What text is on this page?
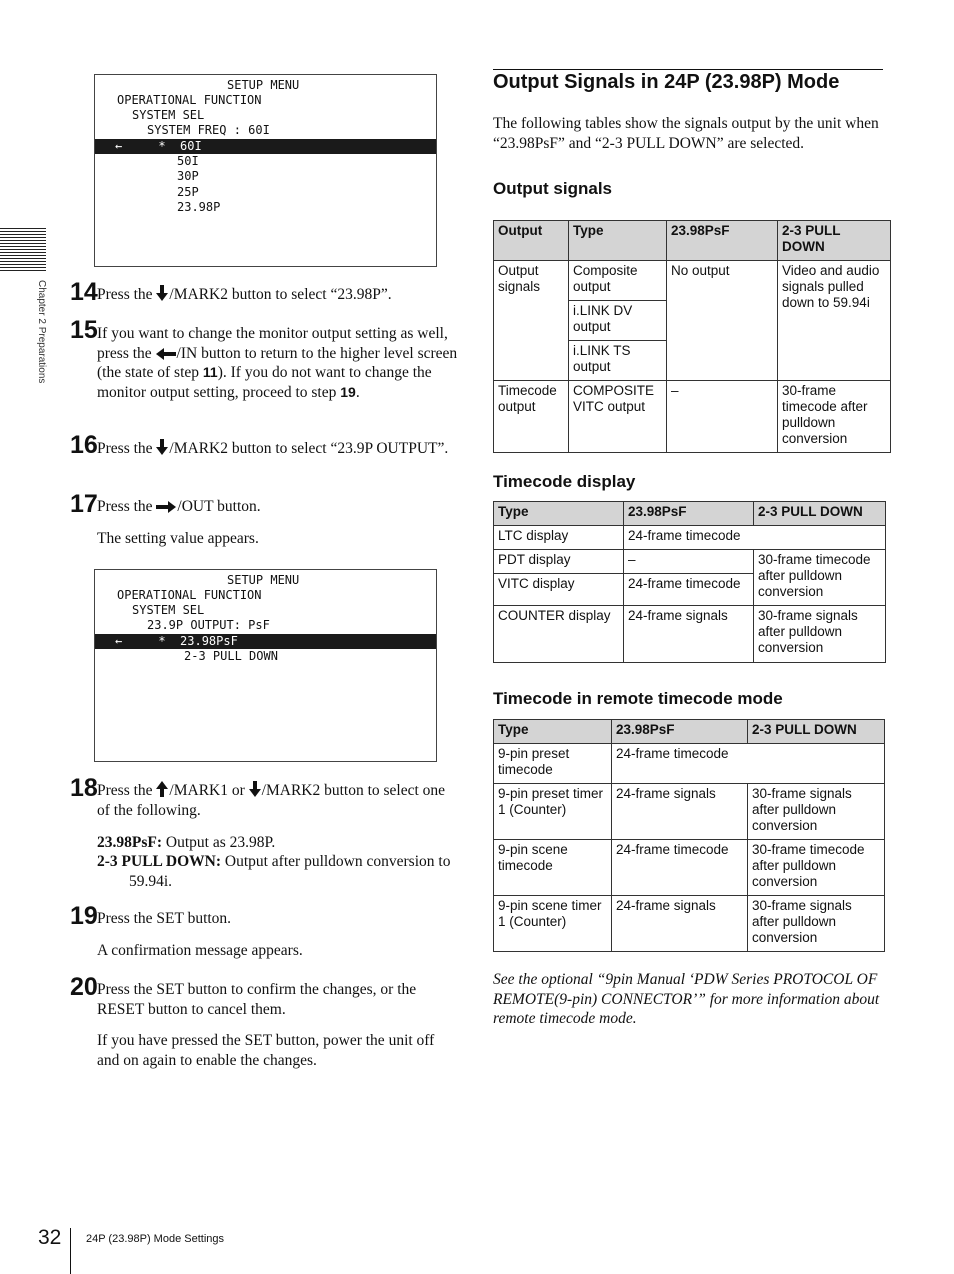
Chapter 2 Preparations
SETUP MENU
OPERATIONAL FUNCTION
SYSTEM SEL
SYSTEM FREQ : 60I
←     *  60I
50I
30P
25P
23.98P
14 Press the /MARK2 button to select “23.98P”.
15 If you want to change the monitor output setting as well, press the /IN button to return to the higher level screen (the state of step 11). If you do not want to change the monitor output setting, proceed to step 19.
16 Press the /MARK2 button to select “23.9P OUTPUT”.
17 Press the /OUT button.
The setting value appears.
SETUP MENU
OPERATIONAL FUNCTION
SYSTEM SEL
23.9P OUTPUT: PsF
←     *  23.98PsF
2-3 PULL DOWN
18 Press the /MARK1 or /MARK2 button to select one of the following.
23.98PsF: Output as 23.98P.
2-3 PULL DOWN: Output after pulldown conversion to 59.94i.
19 Press the SET button.
A confirmation message appears.
20 Press the SET button to confirm the changes, or the RESET button to cancel them.
If you have pressed the SET button, power the unit off and on again to enable the changes.
Output Signals in 24P (23.98P) Mode
The following tables show the signals output by the unit when “23.98PsF” and “2-3 PULL DOWN” are selected.
Output signals
Output	Type	23.98PsF	2-3 PULL DOWN
Output signals	Composite output	No output	Video and audio signals pulled down to 59.94i
	i.LINK DV output		
	i.LINK TS output		
Timecode output	COMPOSITE VITC output	–	30-frame timecode after pulldown conversion
Timecode display
Type	23.98PsF	2-3 PULL DOWN
LTC display	24-frame timecode	
PDT display	–	30-frame timecode after pulldown conversion
VITC display	24-frame timecode	
COUNTER display	24-frame signals	30-frame signals after pulldown conversion
Timecode in remote timecode mode
Type	23.98PsF	2-3 PULL DOWN
9-pin preset timecode	24-frame timecode	
9-pin preset timer 1 (Counter)	24-frame signals	30-frame signals after pulldown conversion
9-pin scene timecode	24-frame timecode	30-frame timecode after pulldown conversion
9-pin scene timer 1 (Counter)	24-frame signals	30-frame signals after pulldown conversion
See the optional “9pin Manual ‘PDW Series PROTOCOL OF REMOTE(9-pin) CONNECTOR’” for more information about remote timecode mode.
32 24P (23.98P) Mode Settings
